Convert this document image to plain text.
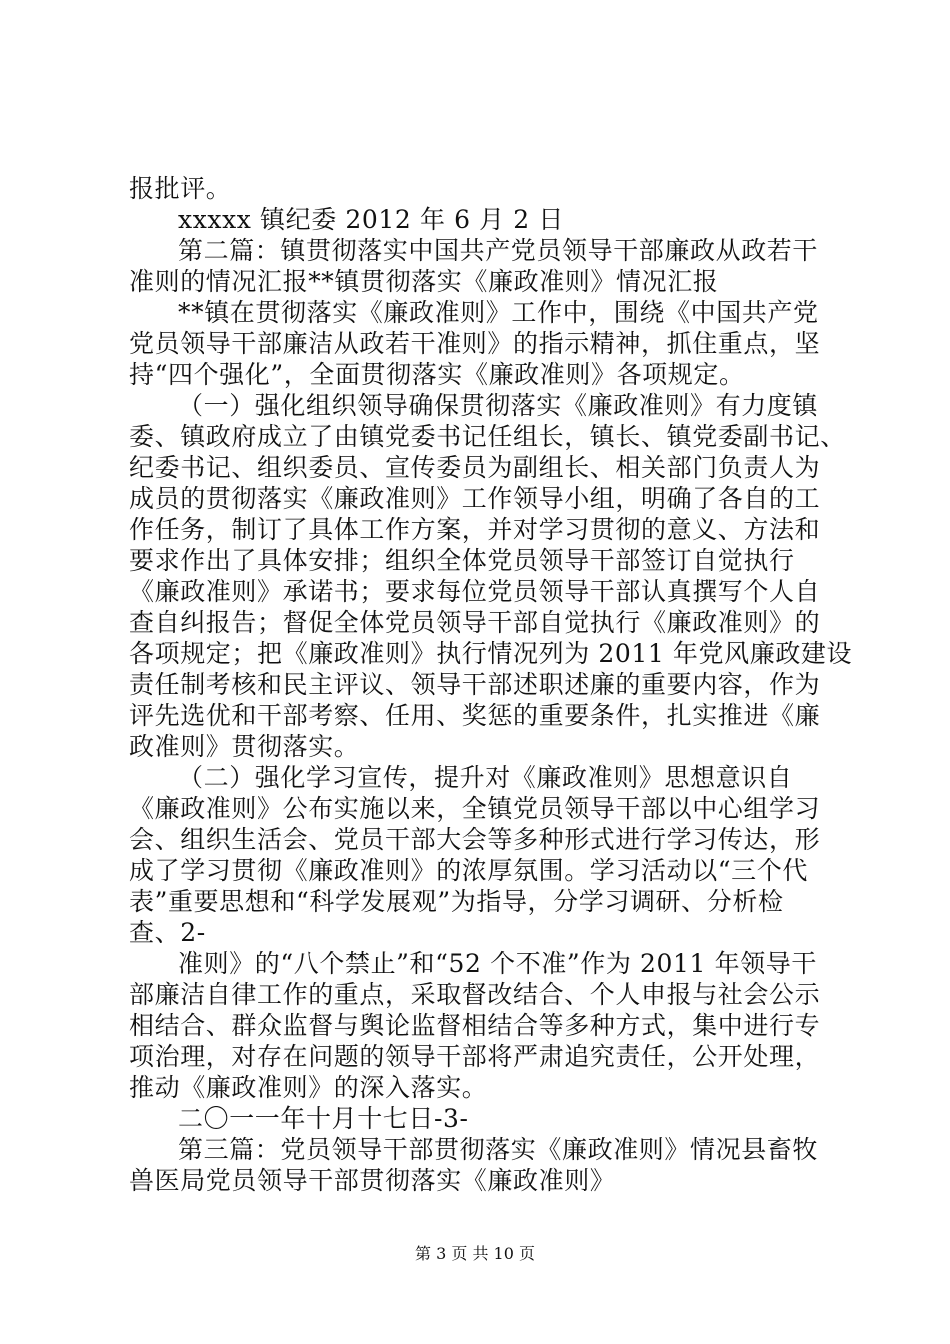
报批评。
xxxxx 镇纪委 2012 年 6 月 2 日
第二篇：镇贯彻落实中国共产党员领导干部廉政从政若干
准则的情况汇报**镇贯彻落实《廉政准则》情况汇报
**镇在贯彻落实《廉政准则》工作中，围绕《中国共产党
党员领导干部廉洁从政若干准则》的指示精神，抓住重点，坚
持“四个强化”，全面贯彻落实《廉政准则》各项规定。
（一）强化组织领导确保贯彻落实《廉政准则》有力度镇
委、镇政府成立了由镇党委书记任组长，镇长、镇党委副书记、
纪委书记、组织委员、宣传委员为副组长、相关部门负责人为
成员的贯彻落实《廉政准则》工作领导小组，明确了各自的工
作任务，制订了具体工作方案，并对学习贯彻的意义、方法和
要求作出了具体安排；组织全体党员领导干部签订自觉执行
《廉政准则》承诺书；要求每位党员领导干部认真撰写个人自
查自纠报告；督促全体党员领导干部自觉执行《廉政准则》的
各项规定；把《廉政准则》执行情况列为 2011 年党风廉政建设
责任制考核和民主评议、领导干部述职述廉的重要内容，作为
评先选优和干部考察、任用、奖惩的重要条件，扎实推进《廉
政准则》贯彻落实。
（二）强化学习宣传，提升对《廉政准则》思想意识自
《廉政准则》公布实施以来，全镇党员领导干部以中心组学习
会、组织生活会、党员干部大会等多种形式进行学习传达，形
成了学习贯彻《廉政准则》的浓厚氛围。学习活动以“三个代
表”重要思想和“科学发展观”为指导，分学习调研、分析检
查、2-
准则》的“八个禁止”和“52 个不准”作为 2011 年领导干
部廉洁自律工作的重点，采取督改结合、个人申报与社会公示
相结合、群众监督与舆论监督相结合等多种方式，集中进行专
项治理，对存在问题的领导干部将严肃追究责任，公开处理，
推动《廉政准则》的深入落实。
二〇一一年十月十七日-3-
第三篇：党员领导干部贯彻落实《廉政准则》情况县畜牧
兽医局党员领导干部贯彻落实《廉政准则》
第 3 页 共 10 页
